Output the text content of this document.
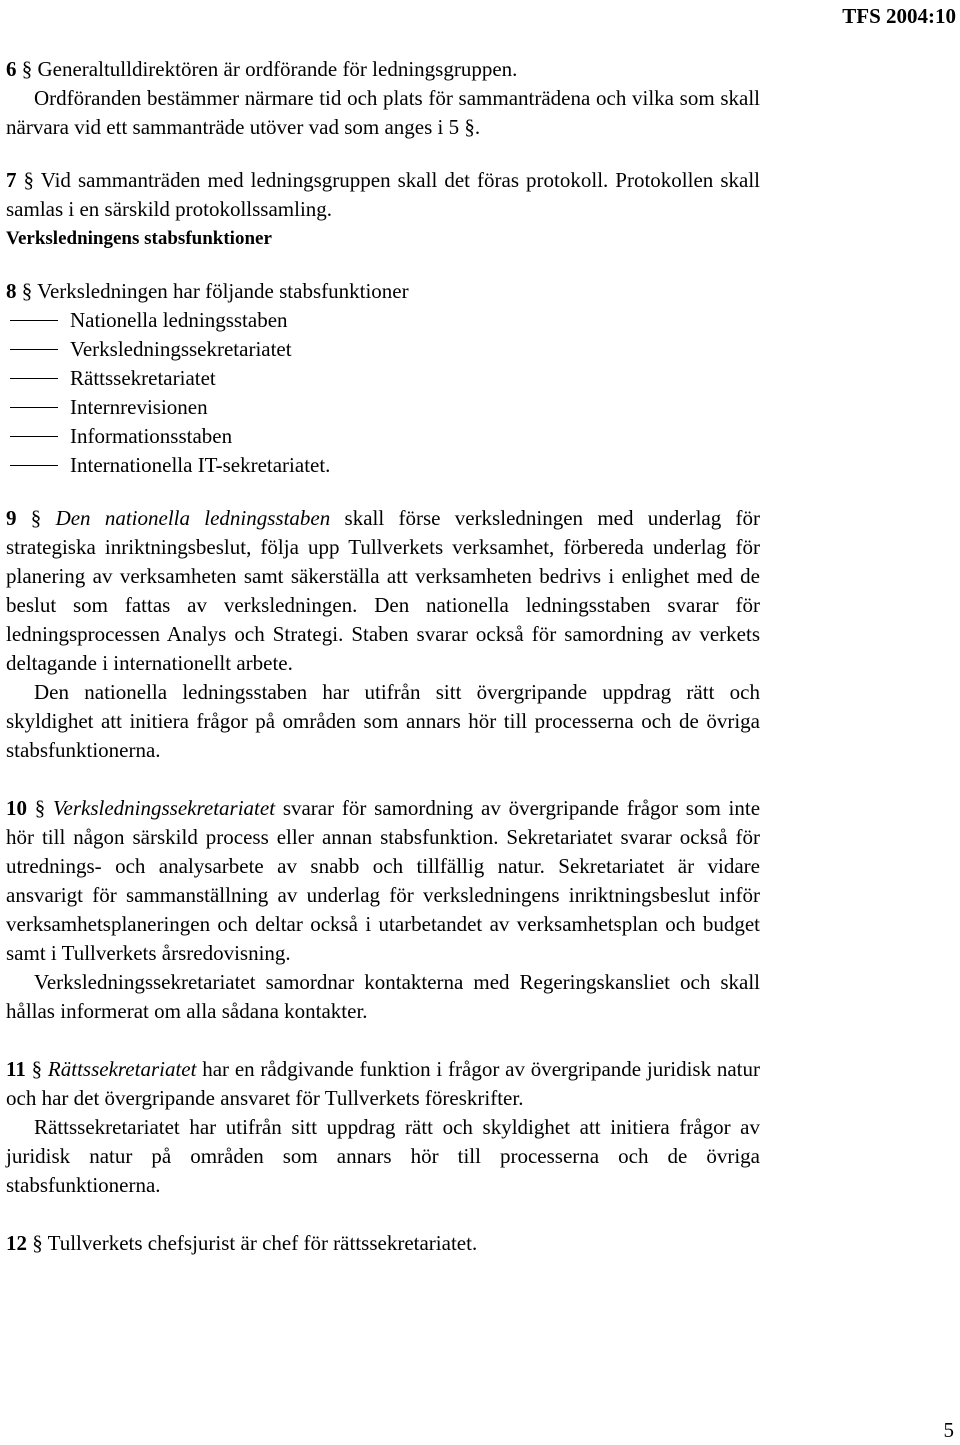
TFS 2004:10

6 § Generaltulldirektören är ordförande för ledningsgruppen.

Ordföranden bestämmer närmare tid och plats för sammanträdena och vilka som skall närvara vid ett sammanträde utöver vad som anges i 5 §.

7 § Vid sammanträden med ledningsgruppen skall det föras protokoll. Protokollen skall samlas i en särskild protokollssamling.

Verksledningens stabsfunktioner

8 § Verksledningen har följande stabsfunktioner

Nationella ledningsstaben
Verksledningssekretariatet
Rättssekretariatet
Internrevisionen
Informationsstaben
Internationella IT-sekretariatet.

9 § Den nationella ledningsstaben skall förse verksledningen med underlag för strategiska inriktningsbeslut, följa upp Tullverkets verksamhet, förbereda underlag för planering av verksamheten samt säkerställa att verksamheten bedrivs i enlighet med de beslut som fattas av verksledningen. Den nationella ledningsstaben svarar för ledningsprocessen Analys och Strategi. Staben svarar också för samordning av verkets deltagande i internationellt arbete.

Den nationella ledningsstaben har utifrån sitt övergripande uppdrag rätt och skyldighet att initiera frågor på områden som annars hör till processerna och de övriga stabsfunktionerna.

10 § Verksledningssekretariatet svarar för samordning av övergripande frågor som inte hör till någon särskild process eller annan stabsfunktion. Sekretariatet svarar också för utrednings- och analysarbete av snabb och tillfällig natur. Sekretariatet är vidare ansvarigt för sammanställning av underlag för verksledningens inriktningsbeslut inför verksamhetsplaneringen och deltar också i utarbetandet av verksamhetsplan och budget samt i Tullverkets årsredovisning.

Verksledningssekretariatet samordnar kontakterna med Regeringskansliet och skall hållas informerat om alla sådana kontakter.

11 § Rättssekretariatet har en rådgivande funktion i frågor av övergripande juridisk natur och har det övergripande ansvaret för Tullverkets föreskrifter.

Rättssekretariatet har utifrån sitt uppdrag rätt och skyldighet att initiera frågor av juridisk natur på områden som annars hör till processerna och de övriga stabsfunktionerna.

12 § Tullverkets chefsjurist är chef för rättssekretariatet.

5
